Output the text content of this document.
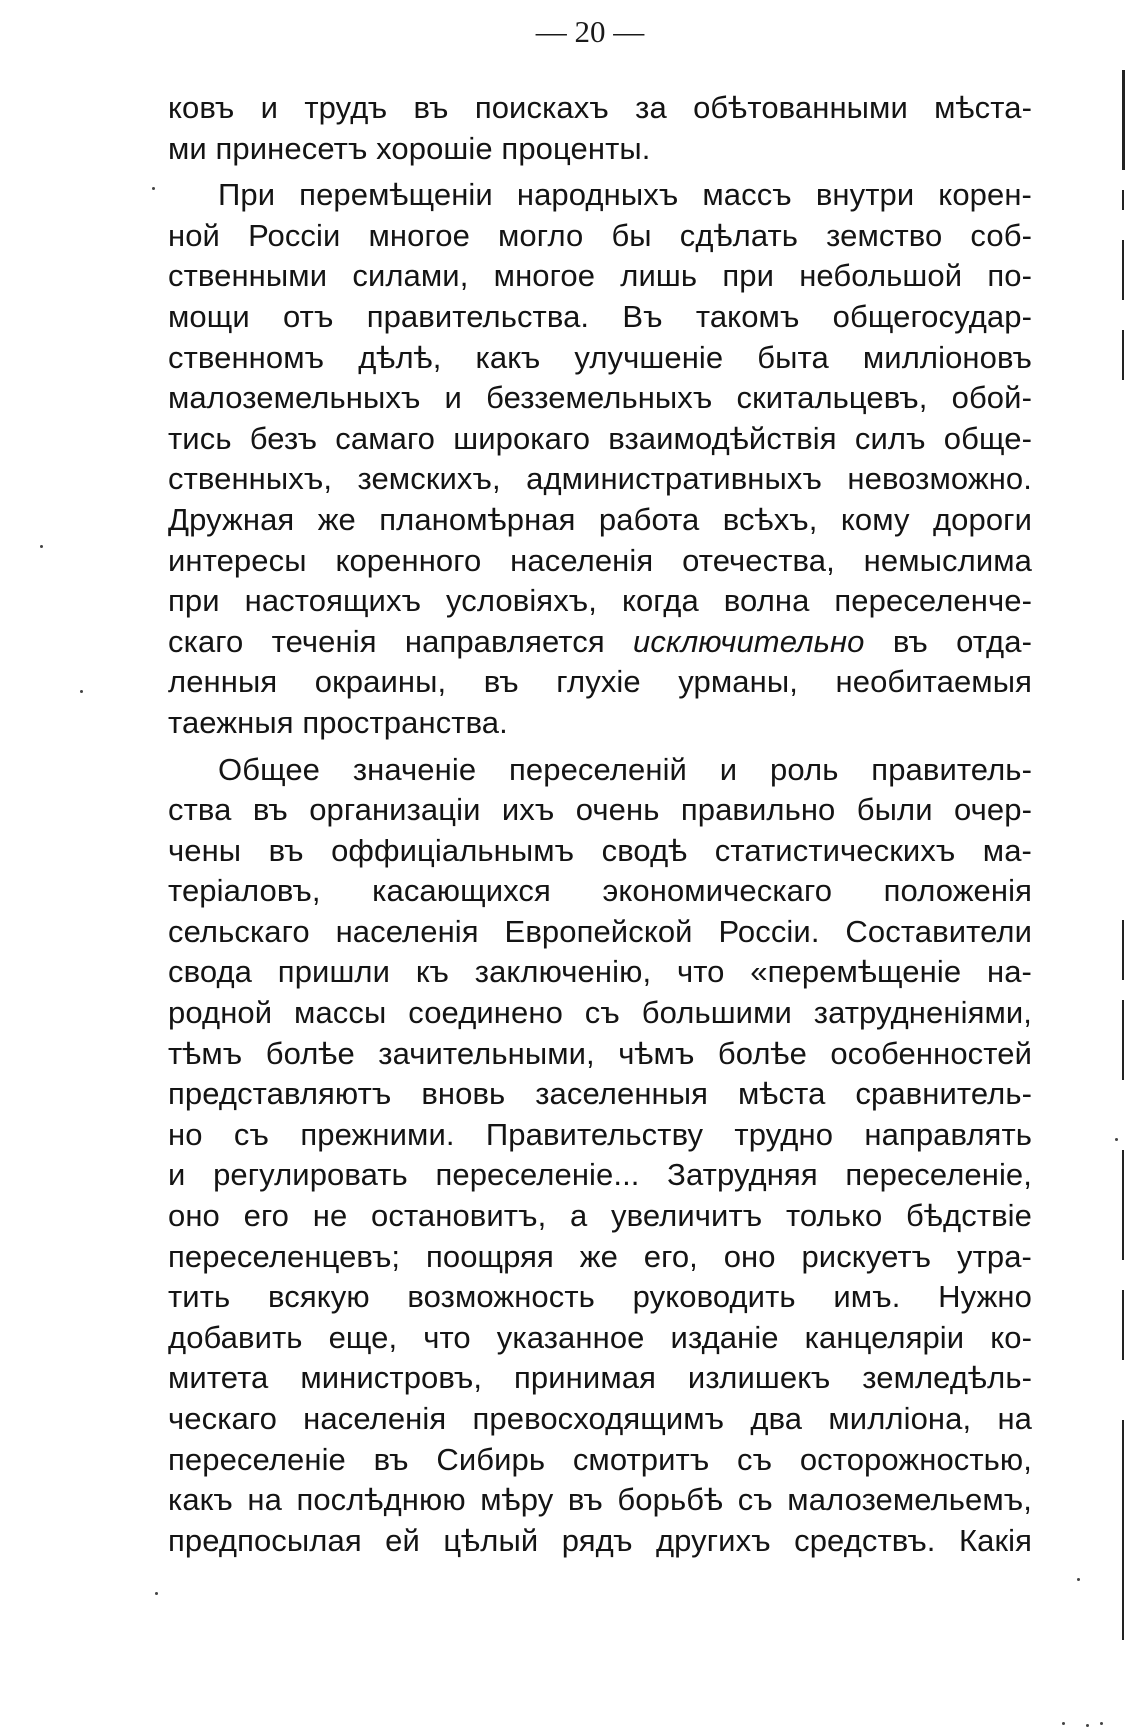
— 20 —
ковъ и трудъ въ поискахъ за обѣтованными мѣста-
ми принесетъ хорошіе проценты.
При перемѣщеніи народныхъ массъ внутри корен-
ной Россіи многое могло бы сдѣлать земство соб-
ственными силами, многое лишь при небольшой по-
мощи отъ правительства. Въ такомъ общегосудар-
ственномъ дѣлѣ, какъ улучшеніе быта милліоновъ
малоземельныхъ и безземельныхъ скитальцевъ, обой-
тись безъ самаго широкаго взаимодѣйствія силъ обще-
ственныхъ, земскихъ, административныхъ невозможно.
Дружная же планомѣрная работа всѣхъ, кому дороги
интересы коренного населенія отечества, немыслима
при настоящихъ условіяхъ, когда волна переселенче-
скаго теченія направляется исключительно въ отда-
ленныя окраины, въ глухіе урманы, необитаемыя
таежныя пространства.
Общее значеніе переселеній и роль правитель-
ства въ организаціи ихъ очень правильно были очер-
чены въ оффиціальнымъ сводѣ статистическихъ ма-
теріаловъ, касающихся экономическаго положенія
сельскаго населенія Европейской Россіи. Составители
свода пришли къ заключенію, что «перемѣщеніе на-
родной массы соединено съ большими затрудненіями,
тѣмъ болѣе зачительными, чѣмъ болѣе особенностей
представляютъ вновь заселенныя мѣста сравнитель-
но съ прежними. Правительству трудно направлять
и регулировать переселеніе... Затрудняя переселеніе,
оно его не остановитъ, а увеличитъ только бѣдствіе
переселенцевъ; поощряя же его, оно рискуетъ утра-
тить всякую возможность руководить имъ. Нужно
добавить еще, что указанное изданіе канцеляріи ко-
митета министровъ, принимая излишекъ земледѣль-
ческаго населенія превосходящимъ два милліона, на
переселеніе въ Сибирь смотритъ съ осторожностью,
какъ на послѣднюю мѣру въ борьбѣ съ малоземельемъ,
предпосылая ей цѣлый рядъ другихъ средствъ. Какія
